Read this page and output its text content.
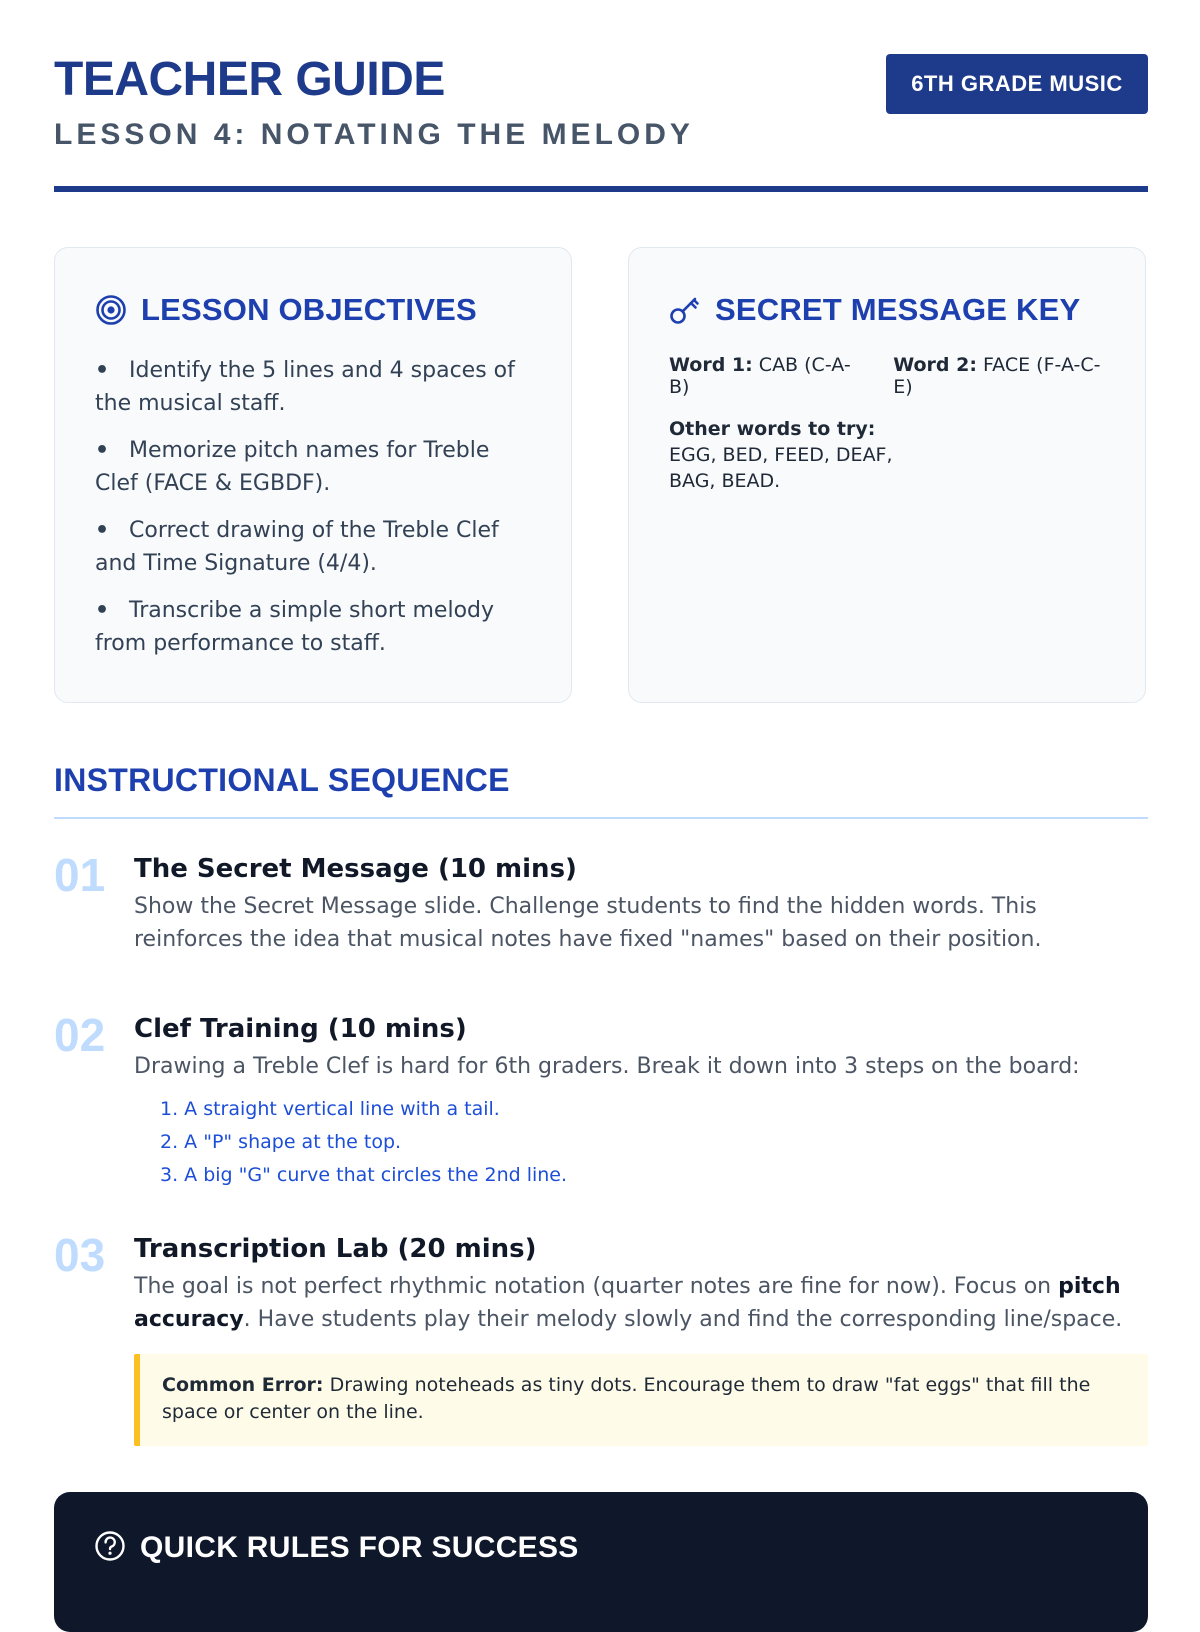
TEACHER GUIDE
LESSON 4: NOTATING THE MELODY
6TH GRADE MUSIC
LESSON OBJECTIVES
• Identify the 5 lines and 4 spaces of the musical staff.
• Memorize pitch names for Treble Clef (FACE & EGBDF).
• Correct drawing of the Treble Clef and Time Signature (4/4).
• Transcribe a simple short melody from performance to staff.
SECRET MESSAGE KEY
Word 1: CAB (C-A-B)
Word 2: FACE (F-A-C-E)
Other words to try:
EGG, BED, FEED, DEAF, BAG, BEAD.
INSTRUCTIONAL SEQUENCE
01 The Secret Message (10 mins)

Show the Secret Message slide. Challenge students to find the hidden words. This reinforces the idea that musical notes have fixed "names" based on their position.

02 Clef Training (10 mins)

Drawing a Treble Clef is hard for 6th graders. Break it down into 3 steps on the board:

1. A straight vertical line with a tail.
2. A "P" shape at the top.
3. A big "G" curve that circles the 2nd line.
03 Transcription Lab (20 mins)

The goal is not perfect rhythmic notation (quarter notes are fine for now). Focus on pitch accuracy. Have students play their melody slowly and find the corresponding line/space.

Common Error: Drawing noteheads as tiny dots. Encourage them to draw "fat eggs" that fill the space or center on the line.
QUICK RULES FOR SUCCESS
